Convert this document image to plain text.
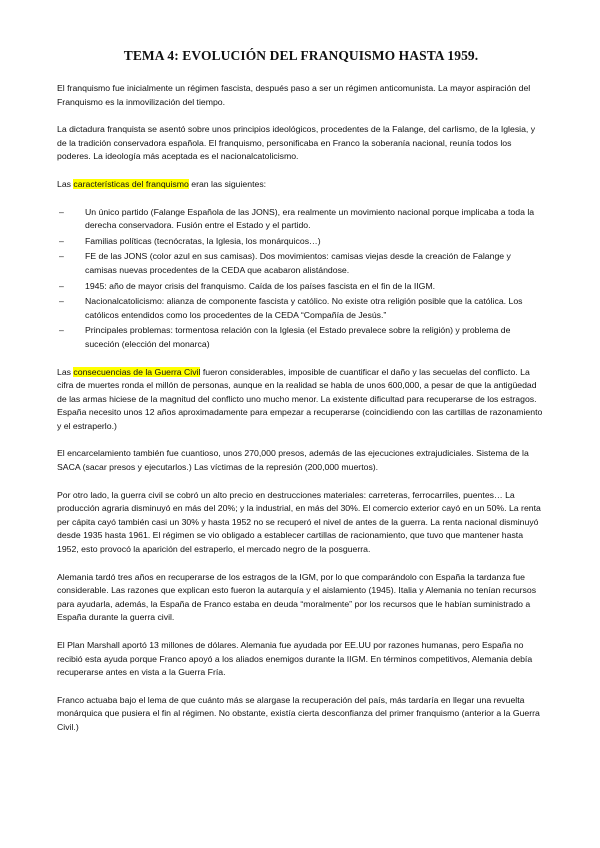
TEMA 4: EVOLUCIÓN DEL FRANQUISMO HASTA 1959.

El franquismo fue inicialmente un régimen fascista, después paso a ser un régimen anticomunista. La mayor aspiración del Franquismo es la inmovilización del tiempo.

La dictadura franquista se asentó sobre unos principios ideológicos, procedentes de la Falange, del carlismo, de la Iglesia, y de la tradición conservadora española. El franquismo, personificaba en Franco la soberanía nacional, reunía todos los poderes. La ideología más aceptada es el nacionalcatolicismo.

Las características del franquismo eran las siguientes:

– Un único partido (Falange Española de las JONS), era realmente un movimiento nacional porque implicaba a toda la derecha conservadora. Fusión entre el Estado y el partido.
– Familias políticas (tecnócratas, la Iglesia, los monárquicos…)
– FE de las JONS (color azul en sus camisas). Dos movimientos: camisas viejas desde la creación de Falange y camisas nuevas procedentes de la CEDA que acabaron alistándose.
– 1945: año de mayor crisis del franquismo. Caída de los países fascista en el fin de la IIGM.
– Nacionalcatolicismo: alianza de componente fascista y católico. No existe otra religión posible que la católica. Los católicos entendidos como los procedentes de la CEDA “Compañía de Jesús.”
– Principales problemas: tormentosa relación con la Iglesia (el Estado prevalece sobre la religión) y problema de suceción (elección del monarca)

Las consecuencias de la Guerra Civil fueron considerables, imposible de cuantificar el daño y las secuelas del conflicto. La cifra de muertes ronda el millón de personas, aunque en la realidad se habla de unos 600,000, a pesar de que la antigüedad de las armas hiciese de la magnitud del conflicto uno mucho menor. La existente dificultad para recuperarse de los estragos. España necesito unos 12 años aproximadamente para empezar a recuperarse (coincidiendo con las cartillas de razonamiento y el estraperlo.)

El encarcelamiento también fue cuantioso, unos 270,000 presos, además de las ejecuciones extrajudiciales. Sistema de la SACA (sacar presos y ejecutarlos.) Las víctimas de la represión (200,000 muertos).

Por otro lado, la guerra civil se cobró un alto precio en destrucciones materiales: carreteras, ferrocarriles, puentes… La producción agraria disminuyó en más del 20%; y la industrial, en más del 30%. El comercio exterior cayó en un 50%. La renta per cápita cayó también casi un 30% y hasta 1952 no se recuperó el nivel de antes de la guerra. La renta nacional disminuyó desde 1935 hasta 1961. El régimen se vio obligado a establecer cartillas de racionamiento, que tuvo que mantener hasta 1952, esto provocó la aparición del estraperlo, el mercado negro de la posguerra.

Alemania tardó tres años en recuperarse de los estragos de la IGM, por lo que comparándolo con España la tardanza fue considerable. Las razones que explican esto fueron la autarquía y el aislamiento (1945). Italia y Alemania no tenían recursos para ayudarla, además, la España de Franco estaba en deuda “moralmente” por los recursos que le habían suministrado a España durante la guerra civil.

El Plan Marshall aportó 13 millones de dólares. Alemania fue ayudada por EE.UU por razones humanas, pero España no recibió esta ayuda porque Franco apoyó a los aliados enemigos durante la IIGM. En términos competitivos, Alemania debía recuperarse antes en vista a la Guerra Fría.

Franco actuaba bajo el lema de que cuánto más se alargase la recuperación del país, más tardaría en llegar una revuelta monárquica que pusiera el fin al régimen. No obstante, existía cierta desconfianza del primer franquismo (anterior a la Guerra Civil.)
